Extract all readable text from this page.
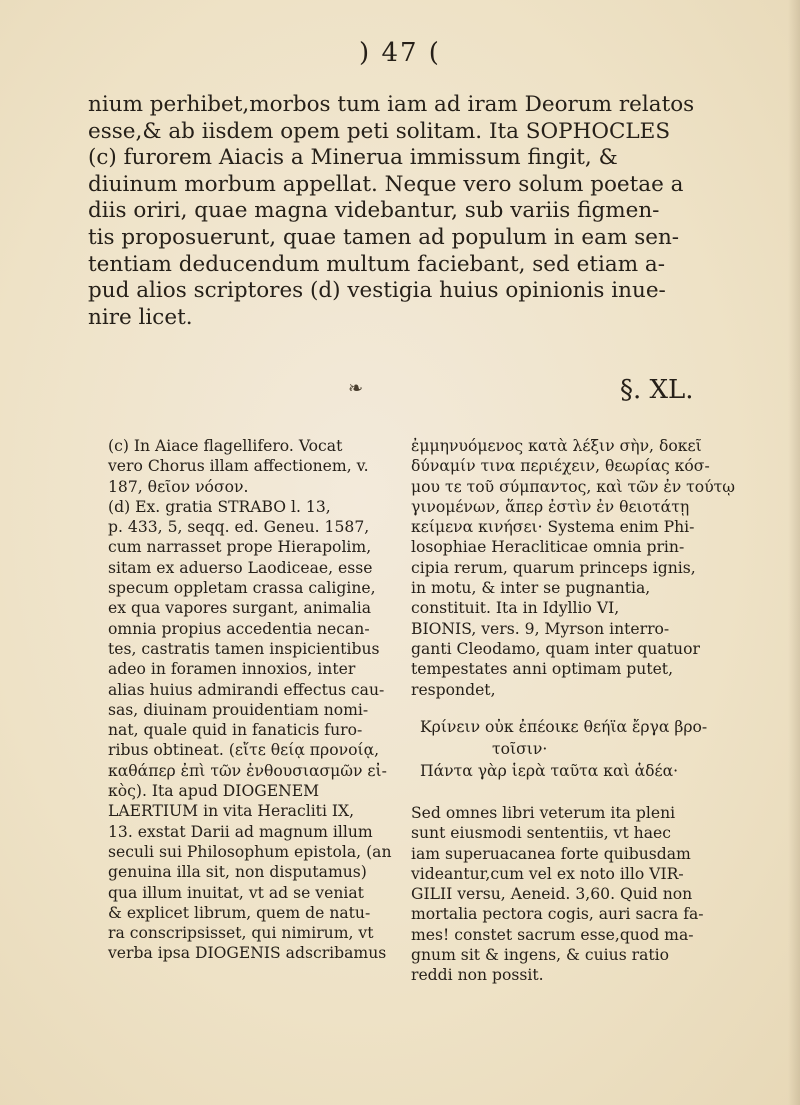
) 47 (
nium perhibet,morbos tum iam ad iram Deorum relatos
esse,& ab iisdem opem peti solitam. Ita SOPHOCLES
(c) furorem Aiacis a Minerua immissum fingit, &
diuinum morbum appellat. Neque vero solum poetae a
diis oriri, quae magna videbantur, sub variis figmen-
tis proposuerunt, quae tamen ad populum in eam sen-
tentiam deducendum multum faciebant, sed etiam a-
pud alios scriptores (d) vestigia huius opinionis inue-
nire licet.
❧	§. XL.
(c) In Aiace flagellifero. Vocat
vero Chorus illam affectionem, v.
187, θεῖον νόσον.
(d) Ex. gratia STRABO l. 13,
p. 433, 5, seqq. ed. Geneu. 1587,
cum narrasset prope Hierapolim,
sitam ex aduerso Laodiceae, esse
specum oppletam crassa caligine,
ex qua vapores surgant, animalia
omnia propius accedentia necan-
tes, castratis tamen inspicientibus
adeo in foramen innoxios, inter
alias huius admirandi effectus cau-
sas, diuinam prouidentiam nomi-
nat, quale quid in fanaticis furo-
ribus obtineat. (εἴτε θείᾳ προνοίᾳ,
καθάπερ ἐπὶ τῶν ἐνθουσιασμῶν εἰ-
κὸς). Ita apud DIOGENEM
LAERTIUM in vita Heracliti IX,
13. exstat Darii ad magnum illum
seculi sui Philosophum epistola, (an
genuina illa sit, non disputamus)
qua illum inuitat, vt ad se veniat
& explicet librum, quem de natu-
ra conscripsisset, qui nimirum, vt
verba ipsa DIOGENIS adscribamus
ἐμμηνυόμενος κατὰ λέξιν σὴν, δοκεῖ
δύναμίν τινα περιέχειν, θεωρίας κόσ-
μου τε τοῦ σύμπαντος, καὶ τῶν ἐν τούτῳ
γινομένων, ἅπερ ἐστὶν ἐν θειοτάτῃ
κείμενα κινήσει· Systema enim Phi-
losophiae Heracliticae omnia prin-
cipia rerum, quarum princeps ignis,
in motu, & inter se pugnantia,
constituit. Ita in Idyllio VI,
BIONIS, vers. 9, Myrson interro-
ganti Cleodamo, quam inter quatuor
tempestates anni optimam putet,
respondet,
Κρίνειν οὐκ ἐπέοικε θεήϊα ἔργα βρο-
τοῖσιν·
Πάντα γὰρ ἱερὰ ταῦτα καὶ ἁδέα·
Sed omnes libri veterum ita pleni
sunt eiusmodi sententiis, vt haec
iam superuacanea forte quibusdam
videantur,cum vel ex noto illo VIR-
GILII versu, Aeneid. 3,60. Quid non
mortalia pectora cogis, auri sacra fa-
mes! constet sacrum esse,quod ma-
gnum sit & ingens, & cuius ratio
reddi non possit.
